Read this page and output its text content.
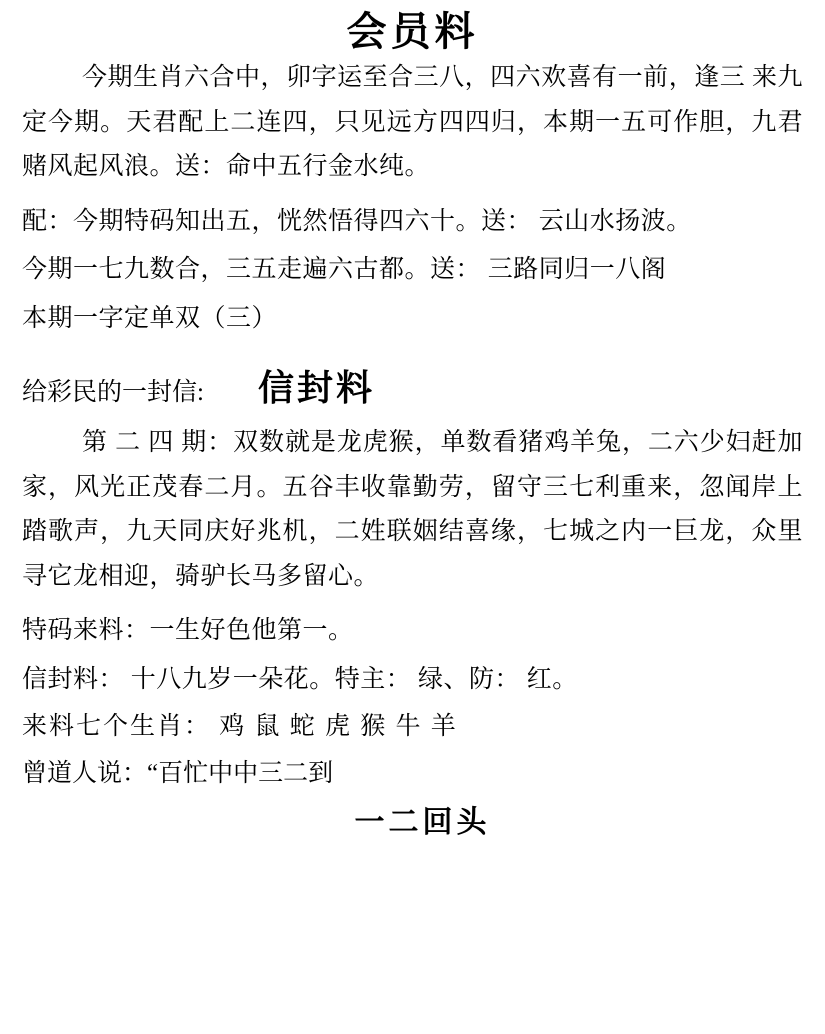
会员料
今期生肖六合中，卯字运至合三八，四六欢喜有一前，逢三 来九定今期。天君配上二连四，只见远方四四归，本期一五可作胆，九君赌风起风浪。送：命中五行金水纯。
配：今期特码知出五，恍然悟得四六十。送： 云山水扬波。
今期一七九数合，三五走遍六古都。送： 三路同归一八阁
本期一字定单双（三）
给彩民的一封信: 信封料
第 二 四 期：双数就是龙虎猴，单数看猪鸡羊兔，二六少妇赶加家，风光正茂春二月。五谷丰收靠勤劳，留守三七利重来，忽闻岸上踏歌声，九天同庆好兆机，二姓联姻结喜缘，七城之内一巨龙，众里寻它龙相迎，骑驴长马多留心。
特码来料：一生好色他第一。
信封料： 十八九岁一朵花。特主： 绿、防： 红。
来料七个生肖： 鸡 鼠 蛇 虎 猴 牛 羊
曾道人说：“百忙中中三二到
一二回头
